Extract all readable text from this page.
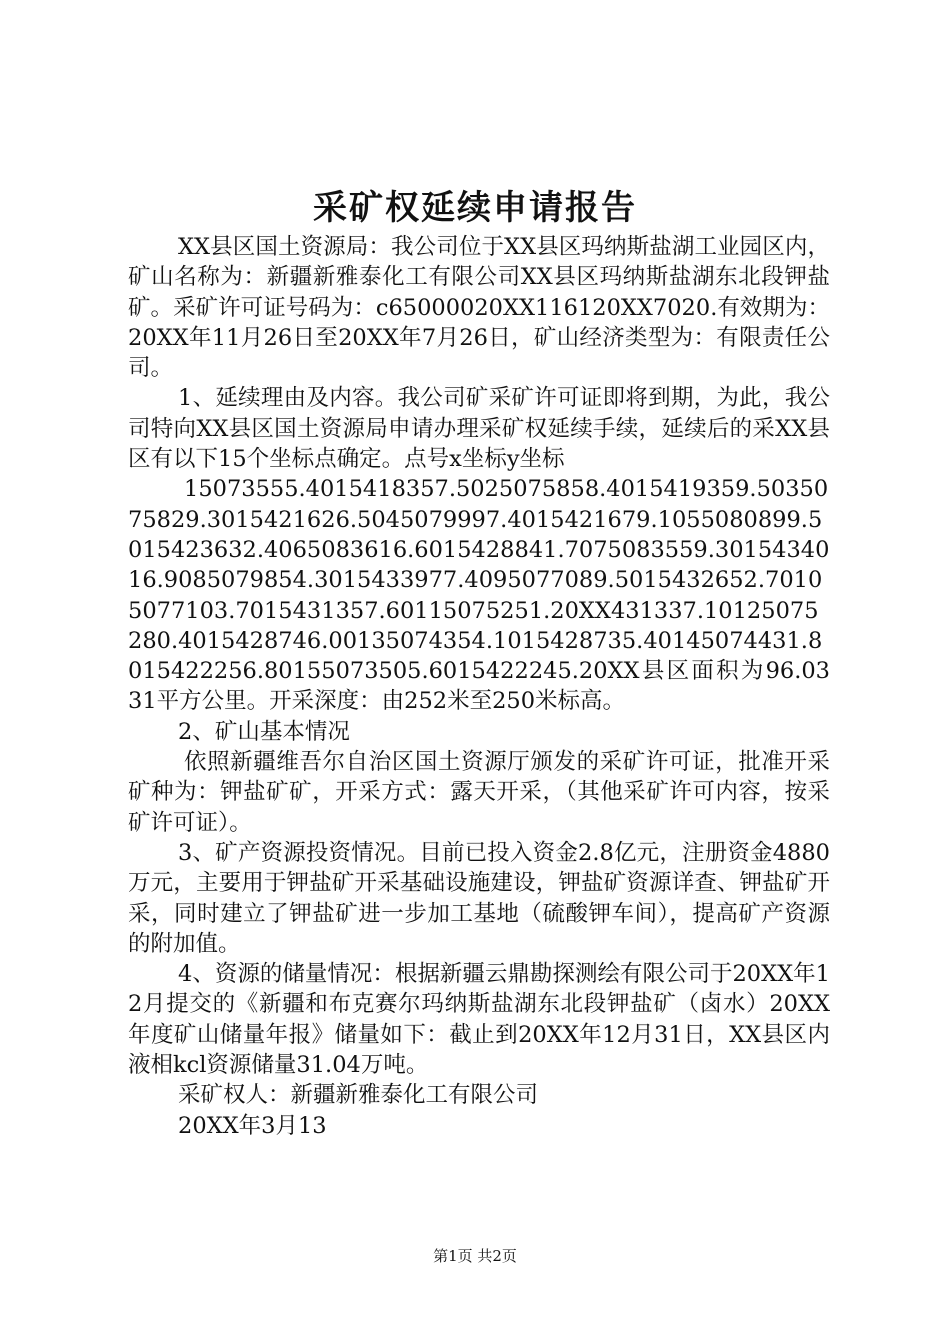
采矿权延续申请报告

XX县区国土资源局：我公司位于XX县区玛纳斯盐湖工业园区内，矿山名称为：新疆新雅泰化工有限公司XX县区玛纳斯盐湖东北段钾盐矿。采矿许可证号码为：c65000020XX116120XX7020.有效期为：20XX年11月26日至20XX年7月26日，矿山经济类型为：有限责任公司。

1、延续理由及内容。我公司矿采矿许可证即将到期，为此，我公司特向XX县区国土资源局申请办理采矿权延续手续，延续后的采XX县区有以下15个坐标点确定。点号x坐标y坐标

15073555.4015418357.5025075858.4015419359.5035075829.3015421626.5045079997.4015421679.1055080899.5015423632.4065083616.6015428841.7075083559.3015434016.9085079854.3015433977.4095077089.5015432652.70105077103.7015431357.60115075251.20XX431337.10125075280.4015428746.00135074354.1015428735.40145074431.8015422256.80155073505.6015422245.20XX县区面积为96.0331平方公里。开采深度：由252米至250米标高。

2、矿山基本情况

依照新疆维吾尔自治区国土资源厅颁发的采矿许可证，批准开采矿种为：钾盐矿矿，开采方式：露天开采，（其他采矿许可内容，按采矿许可证）。

3、矿产资源投资情况。目前已投入资金2.8亿元，注册资金4880万元，主要用于钾盐矿开采基础设施建设，钾盐矿资源详查、钾盐矿开采，同时建立了钾盐矿进一步加工基地（硫酸钾车间），提高矿产资源的附加值。

4、资源的储量情况：根据新疆云鼎勘探测绘有限公司于20XX年12月提交的《新疆和布克赛尔玛纳斯盐湖东北段钾盐矿（卤水）20XX年度矿山储量年报》储量如下：截止到20XX年12月31日，XX县区内液相kcl资源储量31.04万吨。

采矿权人：新疆新雅泰化工有限公司

20XX年3月13

第1页 共2页
